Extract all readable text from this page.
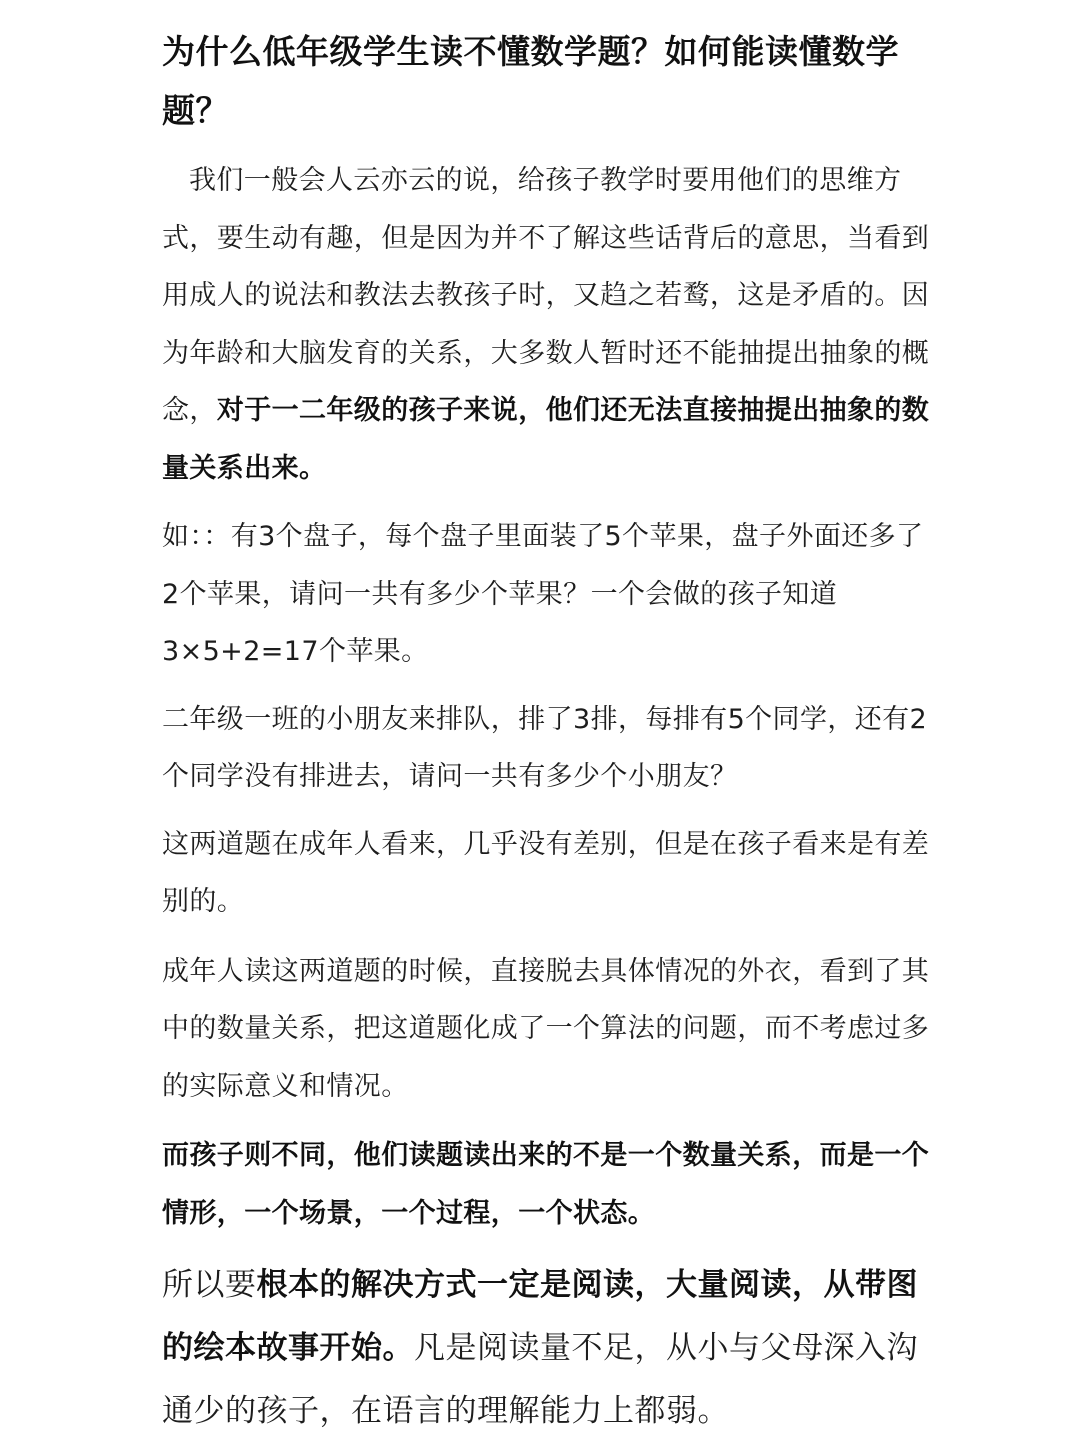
为什么低年级学生读不懂数学题？如何能读懂数学题？

我们一般会人云亦云的说，给孩子教学时要用他们的思维方式，要生动有趣，但是因为并不了解这些话背后的意思，当看到用成人的说法和教法去教孩子时，又趋之若鹜，这是矛盾的。因为年龄和大脑发育的关系，大多数人暂时还不能抽提出抽象的概念，对于一二年级的孩子来说，他们还无法直接抽提出抽象的数量关系出来。

如：：有3个盘子，每个盘子里面装了5个苹果，盘子外面还多了2个苹果，请问一共有多少个苹果？一个会做的孩子知道 3×5+2=17个苹果。

二年级一班的小朋友来排队，排了3排，每排有5个同学，还有2个同学没有排进去，请问一共有多少个小朋友？

这两道题在成年人看来，几乎没有差别，但是在孩子看来是有差别的。

成年人读这两道题的时候，直接脱去具体情况的外衣，看到了其中的数量关系，把这道题化成了一个算法的问题，而不考虑过多的实际意义和情况。

而孩子则不同，他们读题读出来的不是一个数量关系，而是一个情形，一个场景，一个过程，一个状态。

所以要根本的解决方式一定是阅读，大量阅读，从带图的绘本故事开始。凡是阅读量不足，从小与父母深入沟通少的孩子，在语言的理解能力上都弱。
